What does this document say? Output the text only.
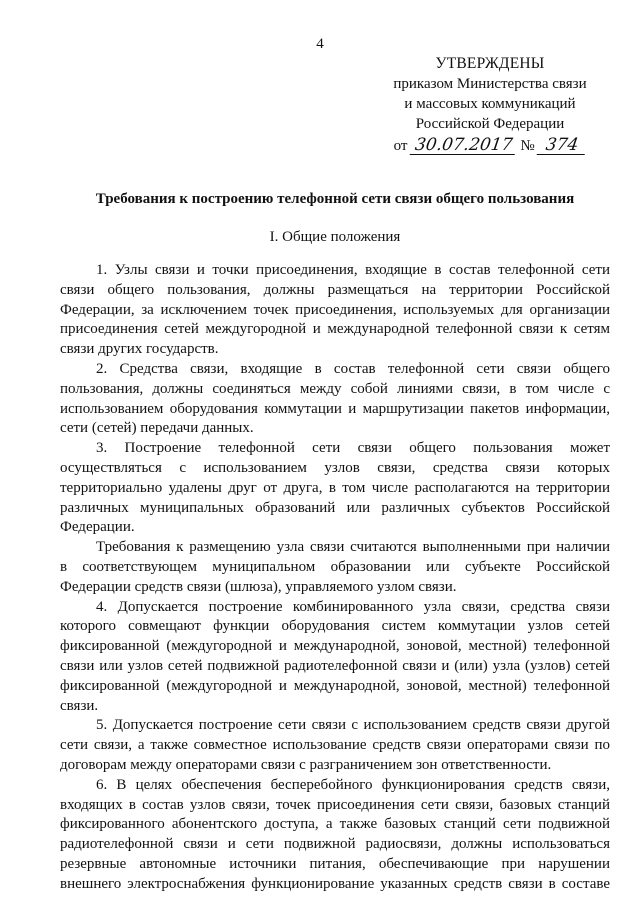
4
УТВЕРЖДЕНЫ
приказом Министерства связи
и массовых коммуникаций
Российской Федерации
от 30.07.2017 № 374
Требования к построению телефонной сети связи общего пользования
I. Общие положения

1. Узлы связи и точки присоединения, входящие в состав телефонной сети
связи общего пользования, должны размещаться на территории Российской
Федерации, за исключением точек присоединения, используемых для организации
присоединения сетей междугородной и международной телефонной связи к сетям
связи других государств.

2. Средства связи, входящие в состав телефонной сети связи общего
пользования, должны соединяться между собой линиями связи, в том числе с
использованием оборудования коммутации и маршрутизации пакетов информации,
сети (сетей) передачи данных.

3. Построение телефонной сети связи общего пользования может
осуществляться с использованием узлов связи, средства связи которых
территориально удалены друг от друга, в том числе располагаются на территории
различных муниципальных образований или различных субъектов Российской
Федерации.

Требования к размещению узла связи считаются выполненными при наличии
в соответствующем муниципальном образовании или субъекте Российской
Федерации средств связи (шлюза), управляемого узлом связи.

4. Допускается построение комбинированного узла связи, средства связи
которого совмещают функции оборудования систем коммутации узлов сетей
фиксированной (междугородной и международной, зоновой, местной) телефонной
связи или узлов сетей подвижной радиотелефонной связи и (или) узла (узлов) сетей
фиксированной (междугородной и международной, зоновой, местной) телефонной
связи.

5. Допускается построение сети связи с использованием средств связи другой
сети связи, а также совместное использование средств связи операторами связи по
договорам между операторами связи с разграничением зон ответственности.

6. В целях обеспечения бесперебойного функционирования средств связи,
входящих в состав узлов связи, точек присоединения сети связи, базовых станций
фиксированного абонентского доступа, а также базовых станций сети подвижной
радиотелефонной связи и сети подвижной радиосвязи, должны использоваться
резервные автономные источники питания, обеспечивающие при нарушении
внешнего электроснабжения функционирование указанных средств связи в составе
